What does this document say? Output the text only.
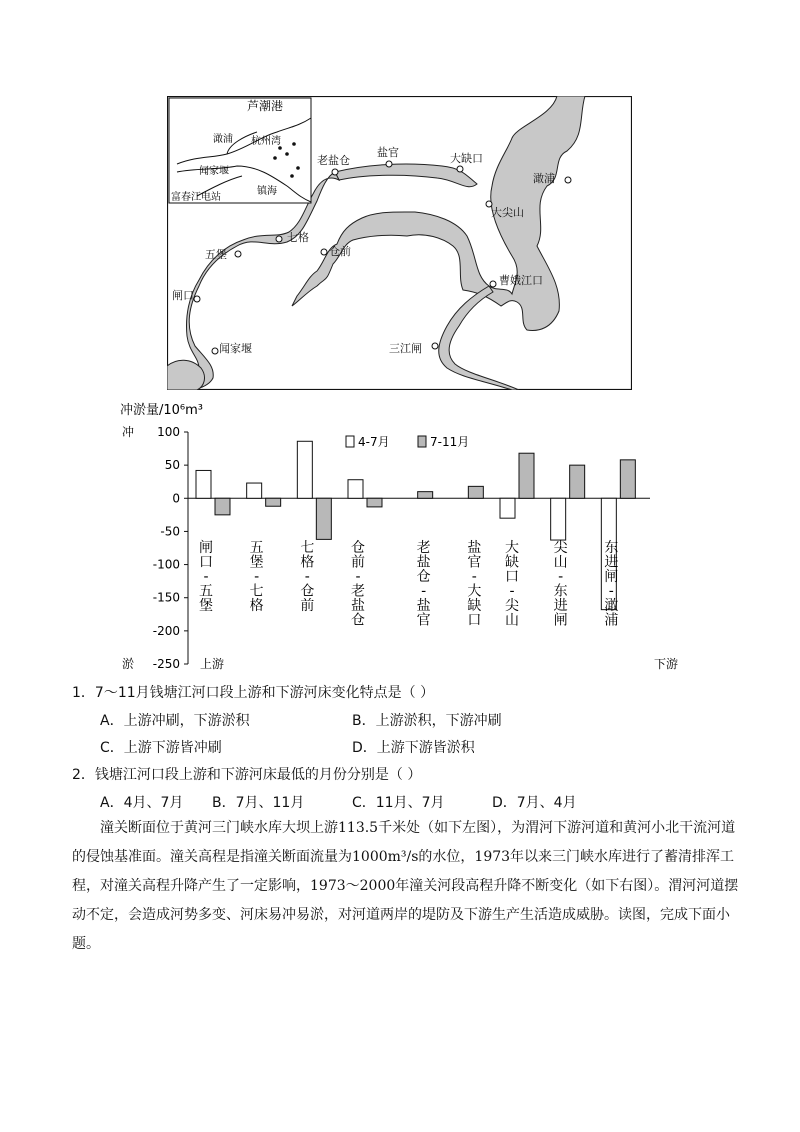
芦潮港
澉浦 杭州湾
闻家堰
镇海
富春江电站
老盐仓
盐官	大缺口
澉浦
大尖山
七格
五堡	仓前
曹娥江口
闸口
闻家堰	三江闸
冲淤量/10⁶m³
冲
淤
100
50
0
-50
-100
-150
-200
-250
闸口-五堡
五堡-七格
七格-仓前
仓前-老盐仓
老盐仓-盐官
盐官-大缺口
大缺口-尖山
尖山-东进闸
东进闸-澉浦
4-7月	7-11月
上游	下游
1．7～11月钱塘江河口段上游和下游河床变化特点是（ ）
A．上游冲刷，下游淤积	B．上游淤积，下游冲刷
C．上游下游皆冲刷	D．上游下游皆淤积
2．钱塘江河口段上游和下游河床最低的月份分别是（ ）
A．4月、7月 B．7月、11月	C．11月、7月	D．7月、4月
潼关断面位于黄河三门峡水库大坝上游113.5千米处（如下左图），为渭河下游河道和黄河小北干流河道的侵蚀基准面。潼关高程是指潼关断面流量为1000m³/s的水位，1973年以来三门峡水库进行了蓄清排浑工程，对潼关高程升降产生了一定影响，1973～2000年潼关河段高程升降不断变化（如下右图）。渭河河道摆动不定，会造成河势多变、河床易冲易淤，对河道两岸的堤防及下游生产生活造成威胁。读图，完成下面小题。
